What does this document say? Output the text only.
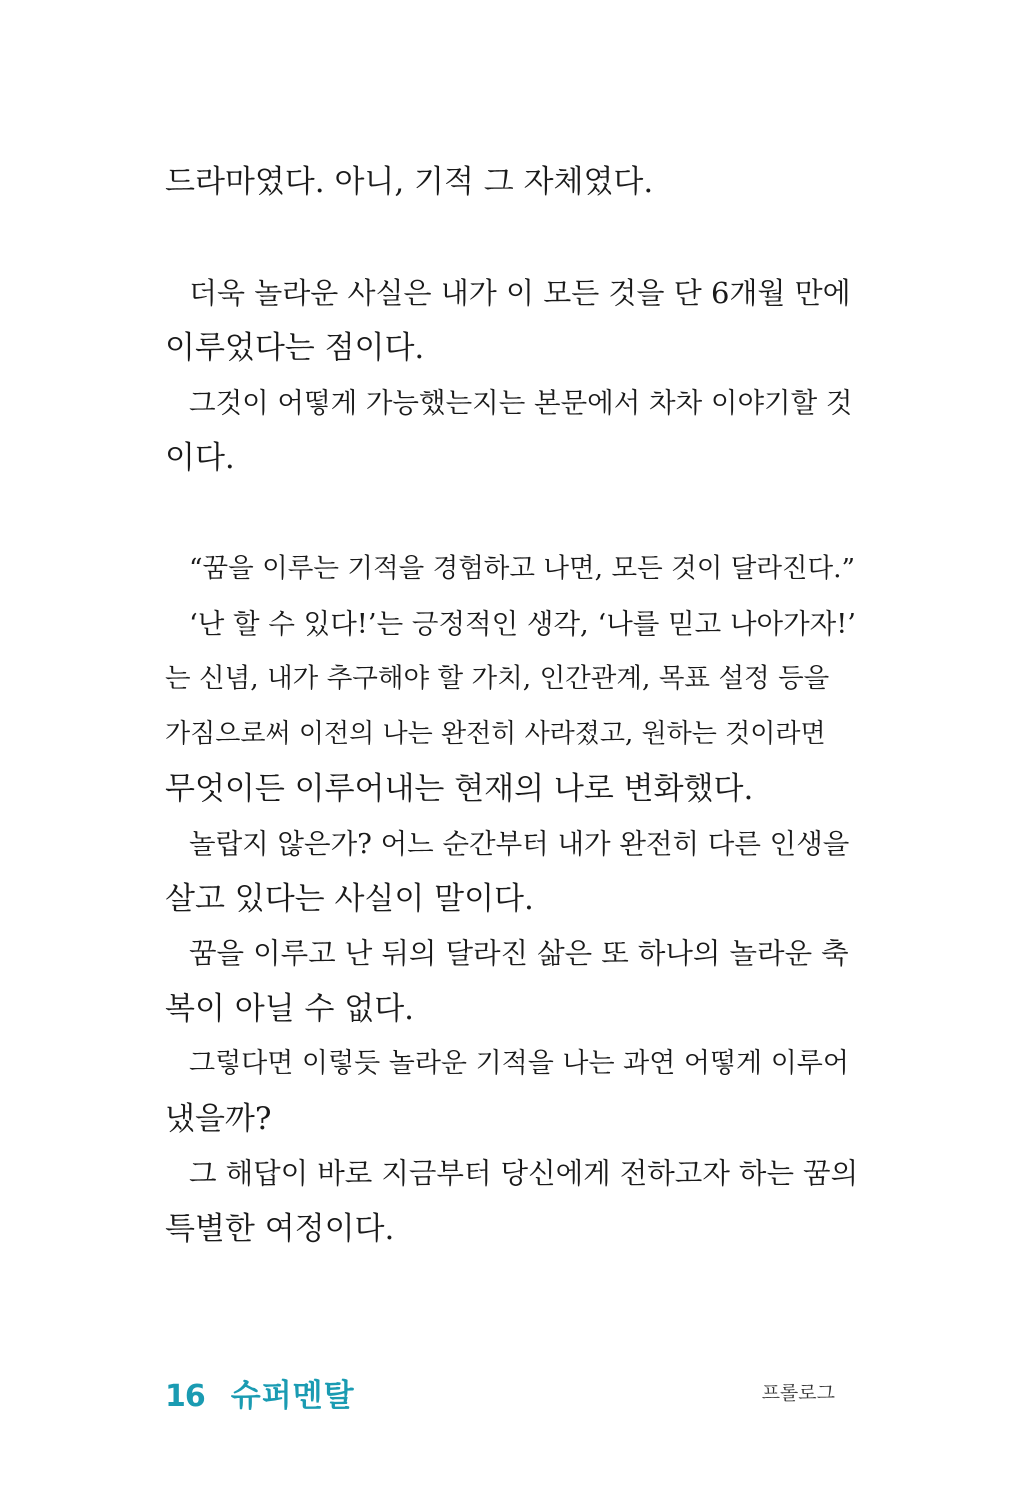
드라마였다. 아니, 기적 그 자체였다.
더욱 놀라운 사실은 내가 이 모든 것을 단 6개월 만에
이루었다는 점이다.
그것이 어떻게 가능했는지는 본문에서 차차 이야기할 것
이다.
“꿈을 이루는 기적을 경험하고 나면, 모든 것이 달라진다.”
‘난 할 수 있다!’는 긍정적인 생각, ‘나를 믿고 나아가자!’
는 신념, 내가 추구해야 할 가치, 인간관계, 목표 설정 등을
가짐으로써 이전의 나는 완전히 사라졌고, 원하는 것이라면
무엇이든 이루어내는 현재의 나로 변화했다.
놀랍지 않은가? 어느 순간부터 내가 완전히 다른 인생을
살고 있다는 사실이 말이다.
꿈을 이루고 난 뒤의 달라진 삶은 또 하나의 놀라운 축
복이 아닐 수 없다.
그렇다면 이렇듯 놀라운 기적을 나는 과연 어떻게 이루어
냈을까?
그 해답이 바로 지금부터 당신에게 전하고자 하는 꿈의
특별한 여정이다.
16 슈퍼멘탈	프롤로그
